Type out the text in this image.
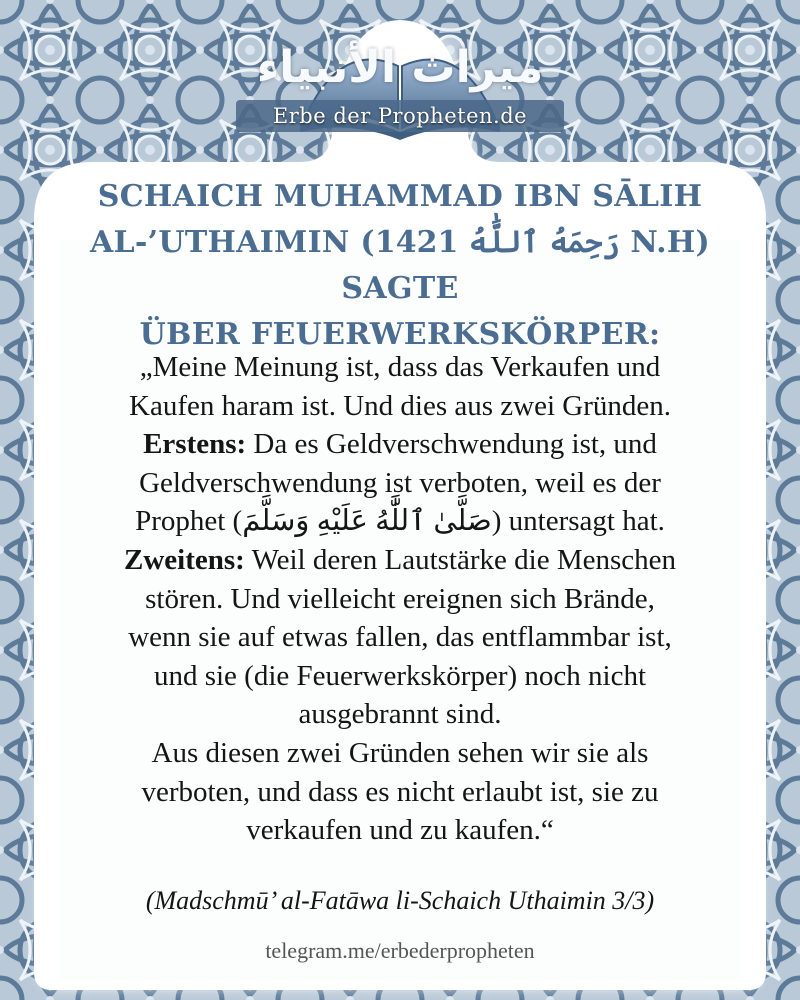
ميراث الأنبياء
Erbe der Propheten.de
SCHAICH MUHAMMAD IBN SĀLIH
AL-’UTHAIMIN (رَحِمَهُ ٱللَّٰهُ 1421 N.H) SAGTE
ÜBER FEUERWERKSKÖRPER:

„Meine Meinung ist, dass das Verkaufen und

Kaufen haram ist. Und dies aus zwei Gründen.

Erstens: Da es Geldverschwendung ist, und

Geldverschwendung ist verboten, weil es der

Prophet (صَلَّىٰ ٱللَّٰهُ عَلَيْهِ وَسَلَّمَ) untersagt hat.

Zweitens: Weil deren Lautstärke die Menschen

stören. Und vielleicht ereignen sich Brände,

wenn sie auf etwas fallen, das entflammbar ist,

und sie (die Feuerwerkskörper) noch nicht

ausgebrannt sind.

Aus diesen zwei Gründen sehen wir sie als

verboten, und dass es nicht erlaubt ist, sie zu

verkaufen und zu kaufen.“

(Madschmū’ al-Fatāwa li-Schaich Uthaimin 3/3)
telegram.me/erbederpropheten
